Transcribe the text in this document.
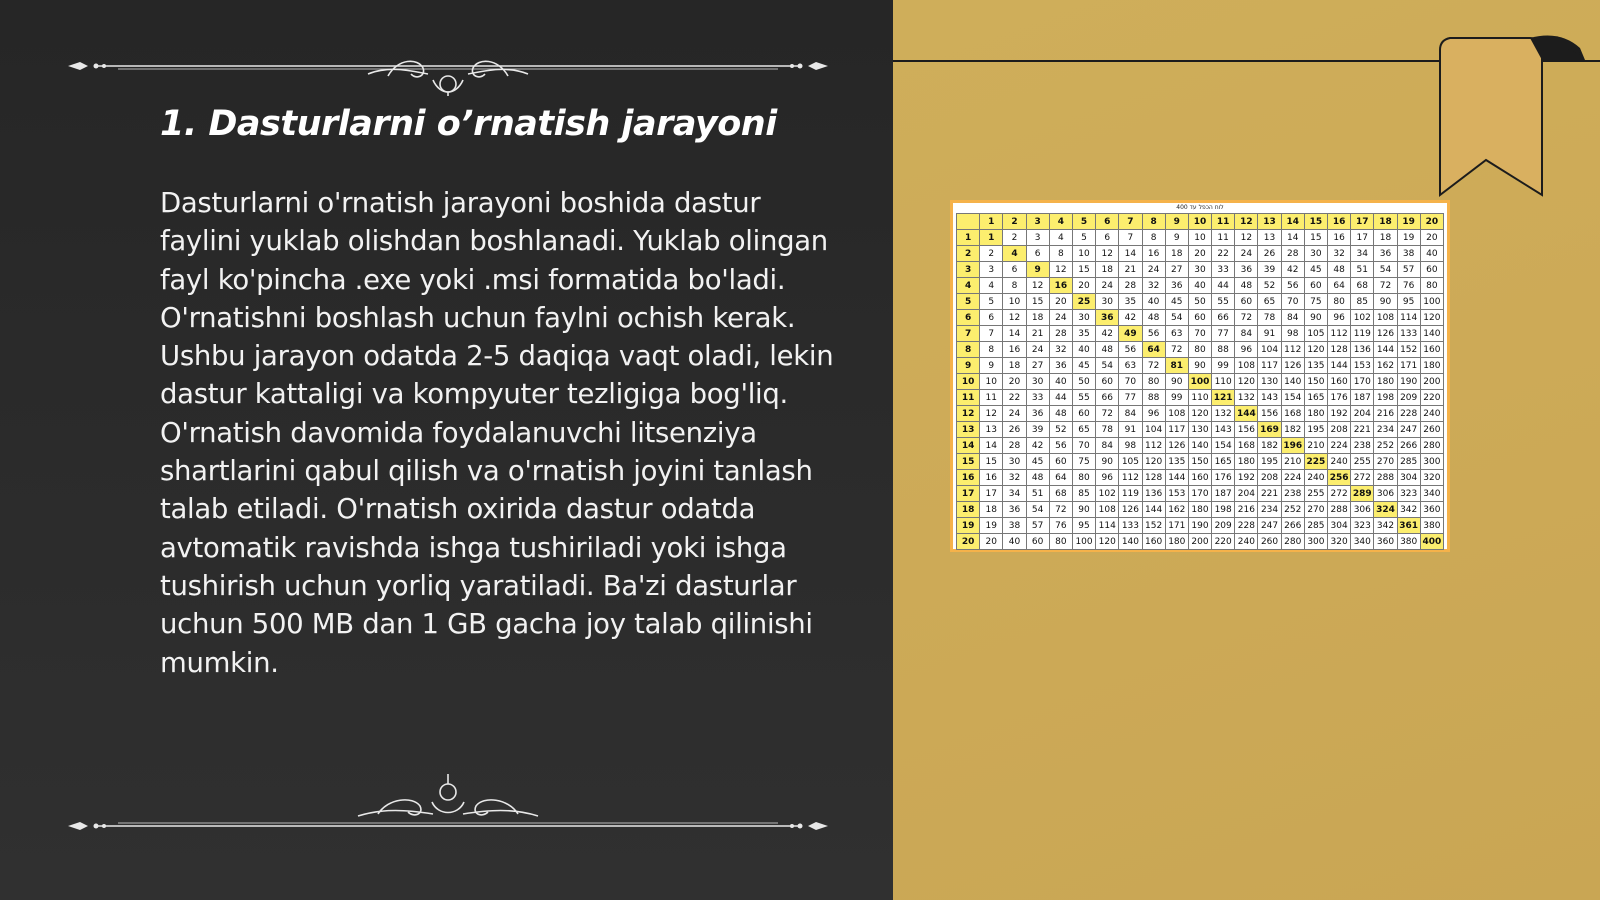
1. Dasturlarni o’rnatish jarayoni

Dasturlarni o'rnatish jarayoni boshida dastur faylini yuklab olishdan boshlanadi. Yuklab olingan fayl ko'pincha .exe yoki .msi formatida bo'ladi. O'rnatishni boshlash uchun faylni ochish kerak. Ushbu jarayon odatda 2-5 daqiqa vaqt oladi, lekin dastur kattaligi va kompyuter tezligiga bog'liq. O'rnatish davomida foydalanuvchi litsenziya shartlarini qabul qilish va o'rnatish joyini tanlash talab etiladi. O'rnatish oxirida dastur odatda avtomatik ravishda ishga tushiriladi yoki ishga tushirish uchun yorliq yaratiladi. Ba'zi dasturlar uchun 500 MB dan 1 GB gacha joy talab qilinishi mumkin.

לוח הכפל עד 400
	1	2	3	4	5	6	7	8	9	10	11	12	13	14	15	16	17	18	19	20
1	1	2	3	4	5	6	7	8	9	10	11	12	13	14	15	16	17	18	19	20
2	2	4	6	8	10	12	14	16	18	20	22	24	26	28	30	32	34	36	38	40
3	3	6	9	12	15	18	21	24	27	30	33	36	39	42	45	48	51	54	57	60
4	4	8	12	16	20	24	28	32	36	40	44	48	52	56	60	64	68	72	76	80
5	5	10	15	20	25	30	35	40	45	50	55	60	65	70	75	80	85	90	95	100
6	6	12	18	24	30	36	42	48	54	60	66	72	78	84	90	96	102	108	114	120
7	7	14	21	28	35	42	49	56	63	70	77	84	91	98	105	112	119	126	133	140
8	8	16	24	32	40	48	56	64	72	80	88	96	104	112	120	128	136	144	152	160
9	9	18	27	36	45	54	63	72	81	90	99	108	117	126	135	144	153	162	171	180
10	10	20	30	40	50	60	70	80	90	100	110	120	130	140	150	160	170	180	190	200
11	11	22	33	44	55	66	77	88	99	110	121	132	143	154	165	176	187	198	209	220
12	12	24	36	48	60	72	84	96	108	120	132	144	156	168	180	192	204	216	228	240
13	13	26	39	52	65	78	91	104	117	130	143	156	169	182	195	208	221	234	247	260
14	14	28	42	56	70	84	98	112	126	140	154	168	182	196	210	224	238	252	266	280
15	15	30	45	60	75	90	105	120	135	150	165	180	195	210	225	240	255	270	285	300
16	16	32	48	64	80	96	112	128	144	160	176	192	208	224	240	256	272	288	304	320
17	17	34	51	68	85	102	119	136	153	170	187	204	221	238	255	272	289	306	323	340
18	18	36	54	72	90	108	126	144	162	180	198	216	234	252	270	288	306	324	342	360
19	19	38	57	76	95	114	133	152	171	190	209	228	247	266	285	304	323	342	361	380
20	20	40	60	80	100	120	140	160	180	200	220	240	260	280	300	320	340	360	380	400
